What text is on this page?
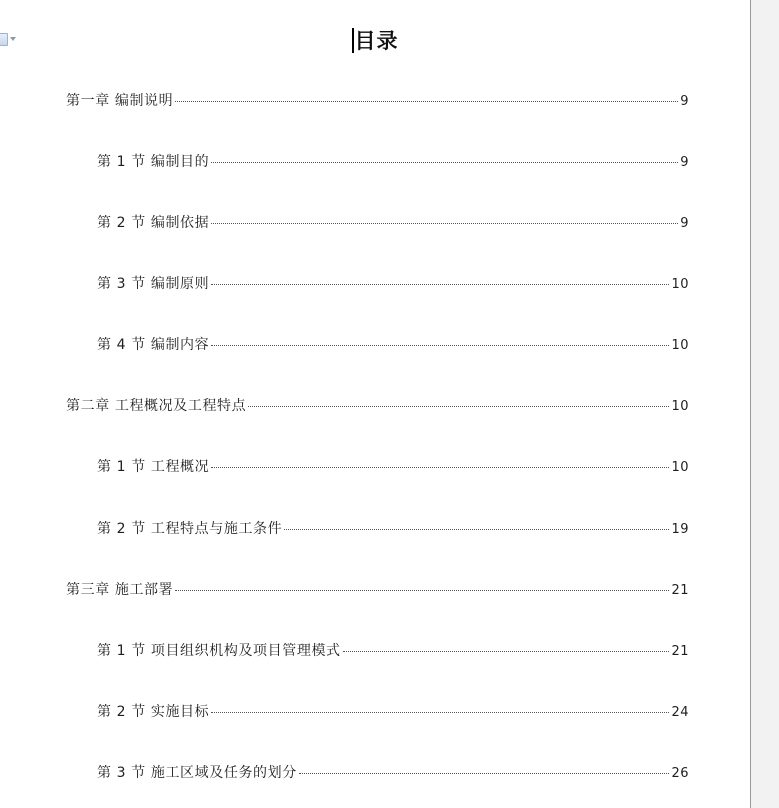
目录
第一章 编制说明	9
第 1 节 编制目的	9
第 2 节 编制依据	9
第 3 节 编制原则	10
第 4 节 编制内容	10
第二章 工程概况及工程特点	10
第 1 节 工程概况	10
第 2 节 工程特点与施工条件	19
第三章 施工部署	21
第 1 节 项目组织机构及项目管理模式	21
第 2 节 实施目标	24
第 3 节 施工区域及任务的划分	26
